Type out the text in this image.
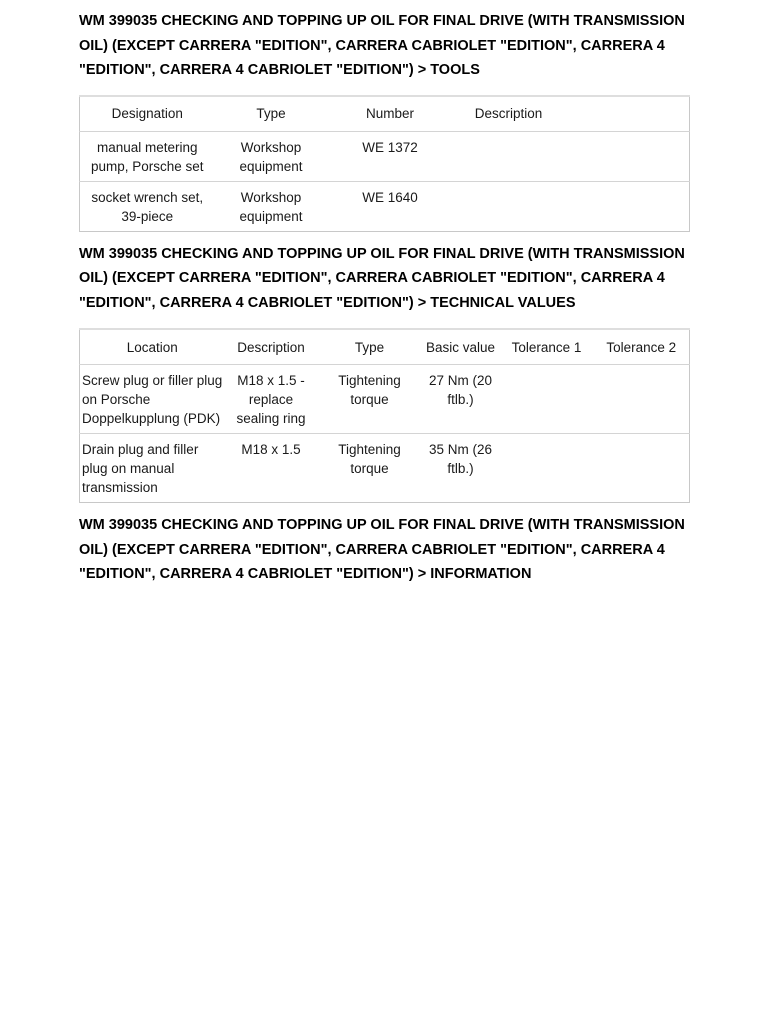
WM 399035 CHECKING AND TOPPING UP OIL FOR FINAL DRIVE (WITH TRANSMISSION OIL) (EXCEPT CARRERA "EDITION", CARRERA CABRIOLET "EDITION", CARRERA 4 "EDITION", CARRERA 4 CABRIOLET "EDITION") > TOOLS
Designation	Type	Number	Description	
manual metering pump, Porsche set	Workshop equipment	WE 1372		
socket wrench set, 39-piece	Workshop equipment	WE 1640		
WM 399035 CHECKING AND TOPPING UP OIL FOR FINAL DRIVE (WITH TRANSMISSION OIL) (EXCEPT CARRERA "EDITION", CARRERA CABRIOLET "EDITION", CARRERA 4 "EDITION", CARRERA 4 CABRIOLET "EDITION") > TECHNICAL VALUES
Location	Description	Type	Basic value	Tolerance 1	Tolerance 2
Screw plug or filler plug on Porsche Doppelkupplung (PDK)	M18 x 1.5 - replace sealing ring	Tightening torque	27 Nm (20 ftlb.)		
Drain plug and filler plug on manual transmission	M18 x 1.5	Tightening torque	35 Nm (26 ftlb.)		
WM 399035 CHECKING AND TOPPING UP OIL FOR FINAL DRIVE (WITH TRANSMISSION OIL) (EXCEPT CARRERA "EDITION", CARRERA CABRIOLET "EDITION", CARRERA 4 "EDITION", CARRERA 4 CABRIOLET "EDITION") > INFORMATION
